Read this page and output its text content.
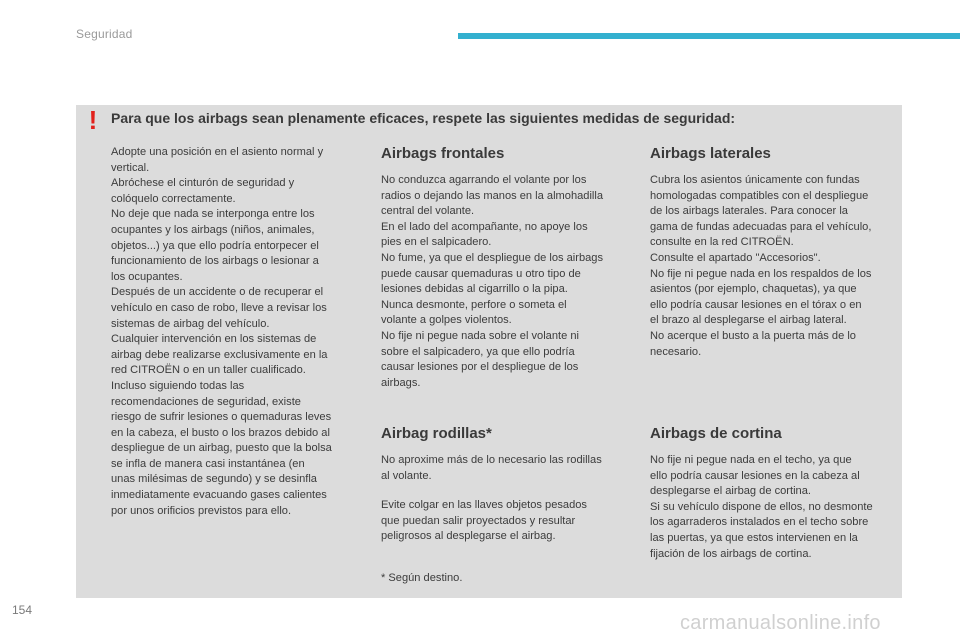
Seguridad
! Para que los airbags sean plenamente eficaces, respete las siguientes medidas de seguridad:

Adopte una posición en el asiento normal y

vertical.

Abróchese el cinturón de seguridad y

colóquelo correctamente.

No deje que nada se interponga entre los

ocupantes y los airbags (niños, animales,

objetos...) ya que ello podría entorpecer el

funcionamiento de los airbags o lesionar a

los ocupantes.

Después de un accidente o de recuperar el

vehículo en caso de robo, lleve a revisar los

sistemas de airbag del vehículo.

Cualquier intervención en los sistemas de

airbag debe realizarse exclusivamente en la

red CITROËN o en un taller cualificado.

Incluso siguiendo todas las

recomendaciones de seguridad, existe

riesgo de sufrir lesiones o quemaduras leves

en la cabeza, el busto o los brazos debido al

despliegue de un airbag, puesto que la bolsa

se infla de manera casi instantánea (en

unas milésimas de segundo) y se desinfla

inmediatamente evacuando gases calientes

por unos orificios previstos para ello.

Airbags frontales

No conduzca agarrando el volante por los

radios o dejando las manos en la almohadilla

central del volante.

En el lado del acompañante, no apoye los

pies en el salpicadero.

No fume, ya que el despliegue de los airbags

puede causar quemaduras u otro tipo de

lesiones debidas al cigarrillo o la pipa.

Nunca desmonte, perfore o someta el

volante a golpes violentos.

No fije ni pegue nada sobre el volante ni

sobre el salpicadero, ya que ello podría

causar lesiones por el despliegue de los

airbags.

Airbag rodillas*

No aproxime más de lo necesario las rodillas

al volante.

Evite colgar en las llaves objetos pesados

que puedan salir proyectados y resultar

peligrosos al desplegarse el airbag.

* Según destino.
Airbags laterales

Cubra los asientos únicamente con fundas

homologadas compatibles con el despliegue

de los airbags laterales. Para conocer la

gama de fundas adecuadas para el vehículo,

consulte en la red CITROËN.

Consulte el apartado "Accesorios".

No fije ni pegue nada en los respaldos de los

asientos (por ejemplo, chaquetas), ya que

ello podría causar lesiones en el tórax o en

el brazo al desplegarse el airbag lateral.

No acerque el busto a la puerta más de lo

necesario.

Airbags de cortina

No fije ni pegue nada en el techo, ya que

ello podría causar lesiones en la cabeza al

desplegarse el airbag de cortina.

Si su vehículo dispone de ellos, no desmonte

los agarraderos instalados en el techo sobre

las puertas, ya que estos intervienen en la

fijación de los airbags de cortina.

154
carmanualsonline.info
